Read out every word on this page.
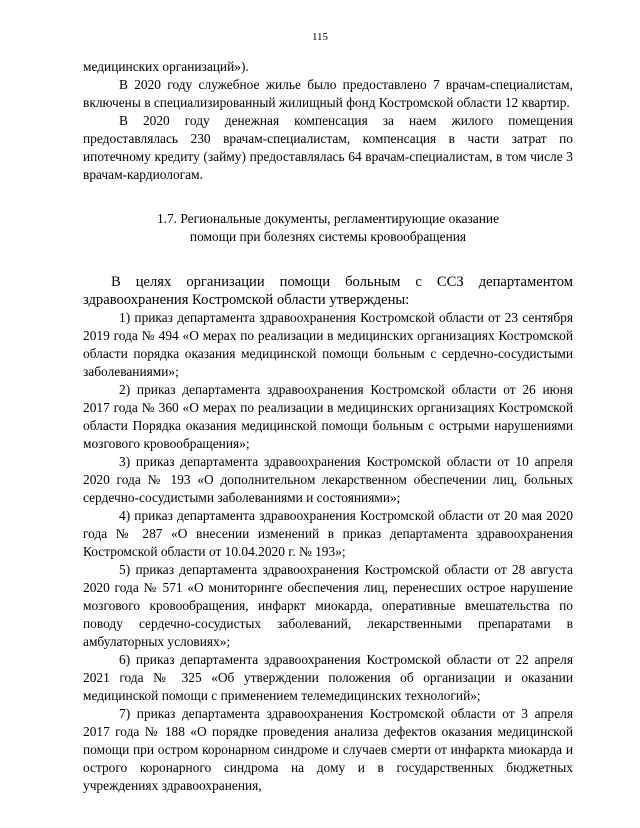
115

медицинских организаций»).

В 2020 году служебное жилье было предоставлено 7 врачам-специалистам, включены в специализированный жилищный фонд Костромской области 12 квартир.

В 2020 году денежная компенсация за наем жилого помещения предоставлялась 230 врачам-специалистам, компенсация в части затрат по ипотечному кредиту (займу) предоставлялась 64 врачам-специалистам, в том числе 3 врачам-кардиологам.

1.7. Региональные документы, регламентирующие оказание
помощи при болезнях системы кровообращения

В целях организации помощи больным с ССЗ департаментом здравоохранения Костромской области утверждены:

1) приказ департамента здравоохранения Костромской области от 23 сентября 2019 года № 494 «О мерах по реализации в медицинских организациях Костромской области порядка оказания медицинской помощи больным с сердечно-сосудистыми заболеваниями»;

2) приказ департамента здравоохранения Костромской области от 26 июня 2017 года № 360 «О мерах по реализации в медицинских организациях Костромской области Порядка оказания медицинской помощи больным с острыми нарушениями мозгового кровообращения»;

3) приказ департамента здравоохранения Костромской области от 10 апреля 2020 года № 193 «О дополнительном лекарственном обеспечении лиц, больных сердечно-сосудистыми заболеваниями и состояниями»;

4) приказ департамента здравоохранения Костромской области от 20 мая 2020 года № 287 «О внесении изменений в приказ департамента здравоохранения Костромской области от 10.04.2020 г. № 193»;

5) приказ департамента здравоохранения Костромской области от 28 августа 2020 года № 571 «О мониторинге обеспечения лиц, перенесших острое нарушение мозгового кровообращения, инфаркт миокарда, оперативные вмешательства по поводу сердечно-сосудистых заболеваний, лекарственными препаратами в амбулаторных условиях»;

6) приказ департамента здравоохранения Костромской области от 22 апреля 2021 года № 325 «Об утверждении положения об организации и оказании медицинской помощи с применением телемедицинских технологий»;

7) приказ департамента здравоохранения Костромской области от 3 апреля 2017 года № 188 «О порядке проведения анализа дефектов оказания медицинской помощи при остром коронарном синдроме и случаев смерти от инфаркта миокарда и острого коронарного синдрома на дому и в государственных бюджетных учреждениях здравоохранения,
